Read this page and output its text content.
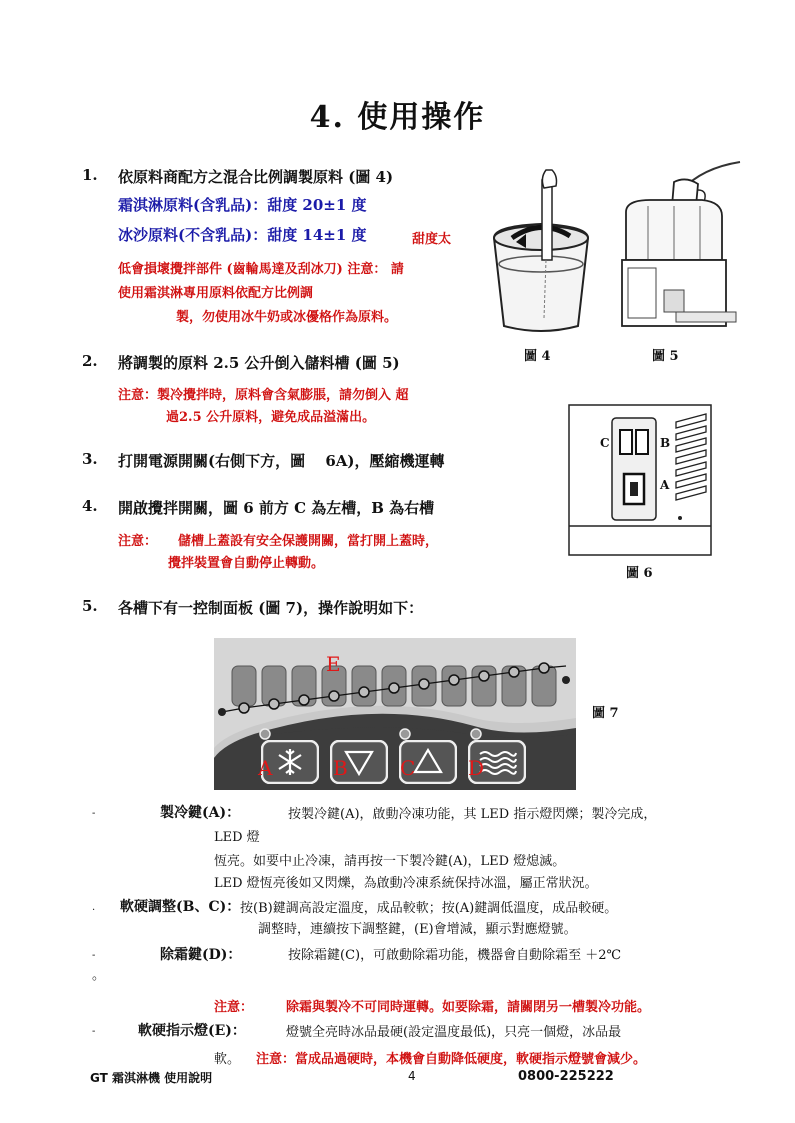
4. 使用操作
1. 依原料商配方之混合比例調製原料 (圖 4)
霜淇淋原料(含乳品)：甜度 20±1 度
冰沙原料(不含乳品)：甜度 14±1 度	甜度太
低會損壞攪拌部件 (齒輪馬達及刮冰刀) 注意： 請
使用霜淇淋專用原料依配方比例調
製，勿使用冰牛奶或冰優格作為原料。
圖 4	圖 5
2. 將調製的原料 2.5 公升倒入儲料槽 (圖 5)
注意：製冷攪拌時，原料會含氣膨脹，請勿倒入 超
過2.5 公升原料，避免成品溢滿出。
C	B
A
圖 6
3. 打開電源開關(右側下方，圖　 6A)，壓縮機運轉
4. 開啟攪拌開關，圖 6 前方 C 為左槽，B 為右槽
注意： 儲槽上蓋設有安全保護開關，當打開上蓋時，
攪拌裝置會自動停止轉動。
5. 各槽下有一控制面板 (圖 7)，操作說明如下：
E
A	B	C	D
圖 7
-	製冷鍵(A)：	按製冷鍵(A)，啟動冷凍功能，其 LED 指示燈閃爍；製冷完成，
LED 燈
恆亮。如要中止冷凍，請再按一下製冷鍵(A)，LED 燈熄滅。
LED 燈恆亮後如又閃爍，為啟動冷凍系統保持冰溫，屬正常狀況。
. 軟硬調整(B、C)： 按(B)鍵調高設定溫度，成品較軟；按(A)鍵調低溫度，成品較硬。
調整時，連續按下調整鍵，(E)會增減，顯示對應燈號。
-	除霜鍵(D)：	按除霜鍵(C)，可啟動除霜功能，機器會自動除霜至 ＋2℃
。
注意：	除霜與製冷不可同時運轉。如要除霜，請關閉另一槽製冷功能。
-	軟硬指示燈(E)：	燈號全亮時冰品最硬(設定溫度最低)，只亮一個燈，冰品最
軟。 注意：當成品過硬時，本機會自動降低硬度，軟硬指示燈號會減少。
GT 霜淇淋機 使用說明	4	0800-225222
